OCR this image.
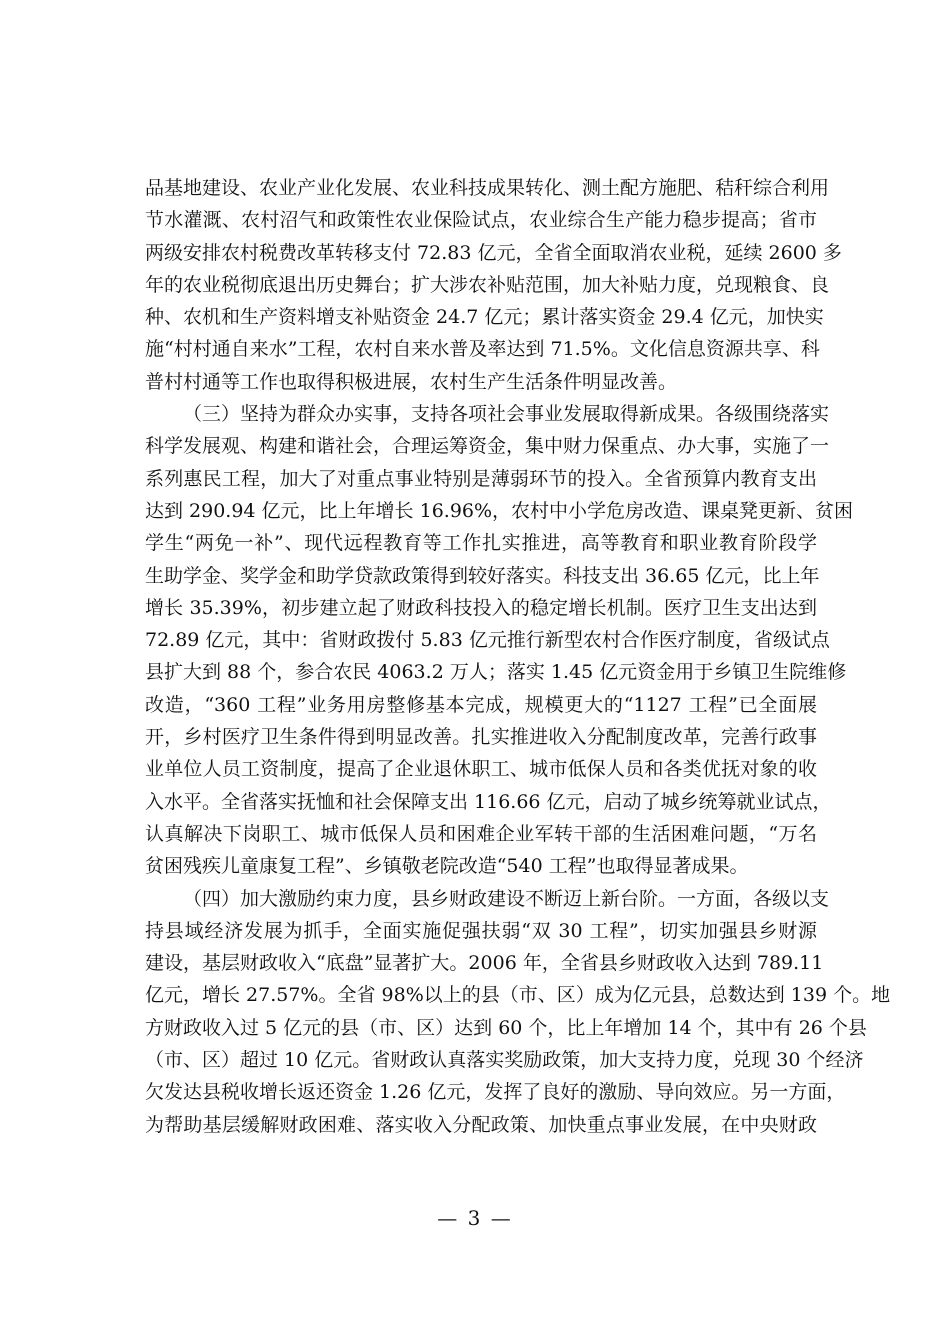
品基地建设、农业产业化发展、农业科技成果转化、测土配方施肥、秸秆综合利用
节水灌溉、农村沼气和政策性农业保险试点，农业综合生产能力稳步提高；省市
两级安排农村税费改革转移支付 72.83 亿元，全省全面取消农业税，延续 2600 多
年的农业税彻底退出历史舞台；扩大涉农补贴范围，加大补贴力度，兑现粮食、良
种、农机和生产资料增支补贴资金 24.7 亿元；累计落实资金 29.4 亿元，加快实
施“村村通自来水”工程，农村自来水普及率达到 71.5%。文化信息资源共享、科
普村村通等工作也取得积极进展，农村生产生活条件明显改善。
（三）坚持为群众办实事，支持各项社会事业发展取得新成果。各级围绕落实
科学发展观、构建和谐社会，合理运筹资金，集中财力保重点、办大事，实施了一
系列惠民工程，加大了对重点事业特别是薄弱环节的投入。全省预算内教育支出
达到 290.94 亿元，比上年增长 16.96%，农村中小学危房改造、课桌凳更新、贫困
学生“两免一补”、现代远程教育等工作扎实推进，高等教育和职业教育阶段学
生助学金、奖学金和助学贷款政策得到较好落实。科技支出 36.65 亿元，比上年
增长 35.39%，初步建立起了财政科技投入的稳定增长机制。医疗卫生支出达到
72.89 亿元，其中：省财政拨付 5.83 亿元推行新型农村合作医疗制度，省级试点
县扩大到 88 个，参合农民 4063.2 万人；落实 1.45 亿元资金用于乡镇卫生院维修
改造，“360 工程”业务用房整修基本完成，规模更大的“1127 工程”已全面展
开，乡村医疗卫生条件得到明显改善。扎实推进收入分配制度改革，完善行政事
业单位人员工资制度，提高了企业退休职工、城市低保人员和各类优抚对象的收
入水平。全省落实抚恤和社会保障支出 116.66 亿元，启动了城乡统筹就业试点，
认真解决下岗职工、城市低保人员和困难企业军转干部的生活困难问题，“万名
贫困残疾儿童康复工程”、乡镇敬老院改造“540 工程”也取得显著成果。
（四）加大激励约束力度，县乡财政建设不断迈上新台阶。一方面，各级以支
持县域经济发展为抓手，全面实施促强扶弱“双 30 工程”，切实加强县乡财源
建设，基层财政收入“底盘”显著扩大。2006 年，全省县乡财政收入达到 789.11
亿元，增长 27.57%。全省 98%以上的县（市、区）成为亿元县，总数达到 139 个。地
方财政收入过 5 亿元的县（市、区）达到 60 个，比上年增加 14 个，其中有 26 个县
（市、区）超过 10 亿元。省财政认真落实奖励政策，加大支持力度，兑现 30 个经济
欠发达县税收增长返还资金 1.26 亿元，发挥了良好的激励、导向效应。另一方面，
为帮助基层缓解财政困难、落实收入分配政策、加快重点事业发展，在中央财政
— 3 —
